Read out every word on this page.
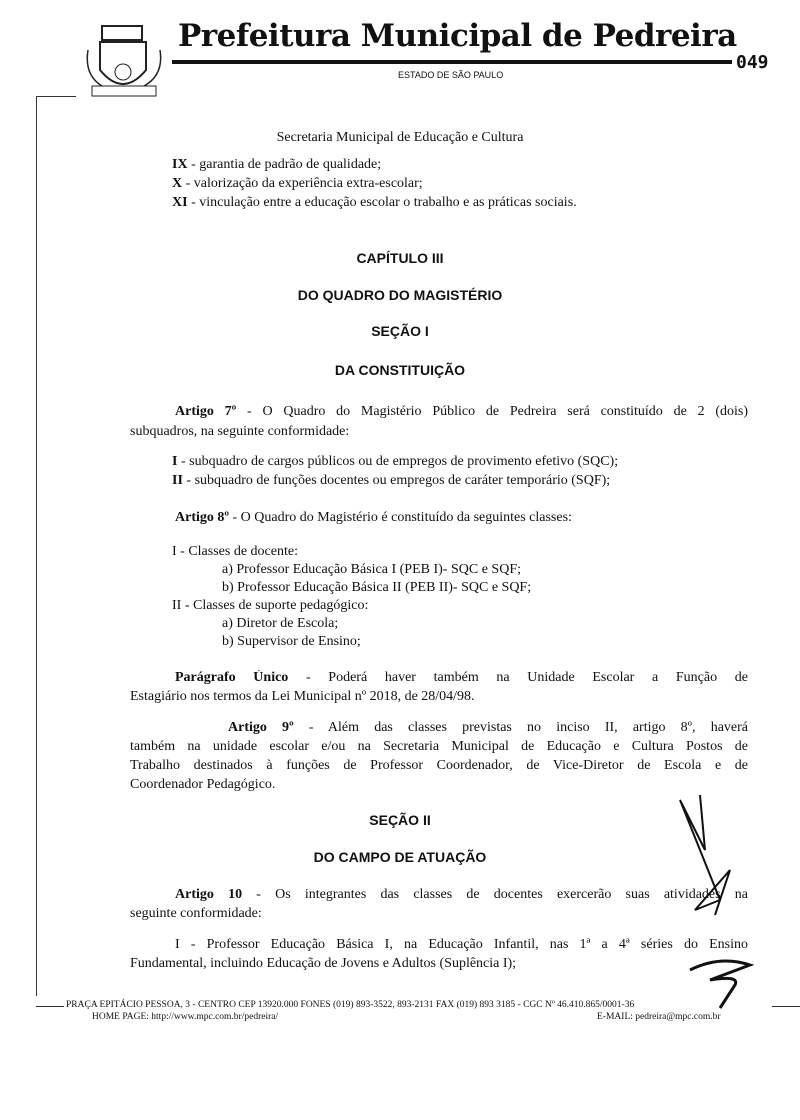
Prefeitura Municipal de Pedreira
ESTADO DE SÃO PAULO
049
Secretaria Municipal de Educação e Cultura
IX - garantia de padrão de qualidade;
X - valorização da experiência extra-escolar;
XI - vinculação entre a educação escolar o trabalho e as práticas sociais.
CAPÍTULO III
DO QUADRO DO MAGISTÉRIO
SEÇÃO I
DA CONSTITUIÇÃO
Artigo 7º - O Quadro do Magistério Público de Pedreira será constituído de 2 (dois)
subquadros, na seguinte conformidade:
I - subquadro de cargos públicos ou de empregos de provimento efetivo (SQC);
II - subquadro de funções docentes ou empregos de caráter temporário (SQF);
Artigo 8º - O Quadro do Magistério é constituído da seguintes classes:
I - Classes de docente:
a) Professor Educação Básica I (PEB I)- SQC e SQF;
b) Professor Educação Básica II (PEB II)- SQC e SQF;
II - Classes de suporte pedagógico:
a) Diretor de Escola;
b) Supervisor de Ensino;
Parágrafo Único - Poderá haver também na Unidade Escolar a Função de
Estagiário nos termos da Lei Municipal nº 2018, de 28/04/98.
Artigo 9º - Além das classes previstas no inciso II, artigo 8º, haverá
também na unidade escolar e/ou na Secretaria Municipal de Educação e Cultura Postos de
Trabalho destinados à funções de Professor Coordenador, de Vice-Diretor de Escola e de
Coordenador Pedagógico.
SEÇÃO II
DO CAMPO DE ATUAÇÃO
Artigo 10 - Os integrantes das classes de docentes exercerão suas atividades na
seguinte conformidade:
I - Professor Educação Básica I, na Educação Infantil, nas 1ª a 4ª séries do Ensino
Fundamental, incluindo Educação de Jovens e Adultos (Suplência I);
PRAÇA EPITÁCIO PESSOA, 3 - CENTRO CEP 13920.000 FONES (019) 893-3522, 893-2131 FAX (019) 893 3185 - CGC Nº 46.410.865/0001-36
HOME PAGE: http://www.mpc.com.br/pedreira/	E-MAIL: pedreira@mpc.com.br
